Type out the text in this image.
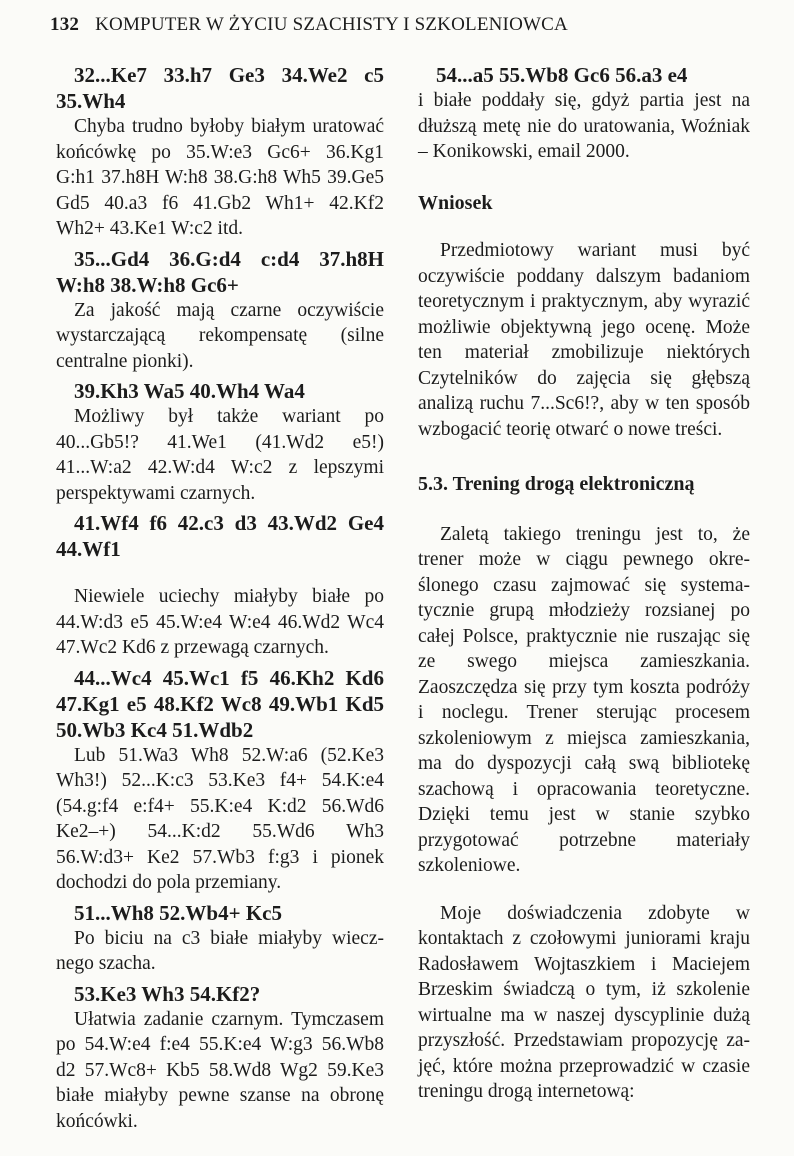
132 KOMPUTER W ŻYCIU SZACHISTY I SZKOLENIOWCA

32...Ke7 33.h7 Ge3 34.We2 c5 35.Wh4

Chyba trudno byłoby białym uratować końcówkę po 35.W:e3 Gc6+ 36.Kg1 G:h1 37.h8H W:h8 38.G:h8 Wh5 39.Ge5 Gd5 40.a3 f6 41.Gb2 Wh1+ 42.Kf2 Wh2+ 43.Ke1 W:c2 itd.

35...Gd4 36.G:d4 c:d4 37.h8H W:h8 38.W:h8 Gc6+

Za jakość mają czarne oczywiście wystarczającą rekompensatę (silne centralne pionki).

39.Kh3 Wa5 40.Wh4 Wa4

Możliwy był także wariant po 40...Gb5!? 41.We1 (41.Wd2 e5!) 41...W:a2 42.W:d4 W:c2 z lepszymi perspektywami czarnych.

41.Wf4 f6 42.c3 d3 43.Wd2 Ge4 44.Wf1

Niewiele uciechy miałyby białe po 44.W:d3 e5 45.W:e4 W:e4 46.Wd2 Wc4 47.Wc2 Kd6 z przewagą czarnych.

44...Wc4 45.Wc1 f5 46.Kh2 Kd6 47.Kg1 e5 48.Kf2 Wc8 49.Wb1 Kd5 50.Wb3 Kc4 51.Wdb2

Lub 51.Wa3 Wh8 52.W:a6 (52.Ke3 Wh3!) 52...K:c3 53.Ke3 f4+ 54.K:e4 (54.g:f4 e:f4+ 55.K:e4 K:d2 56.Wd6 Ke2–+) 54...K:d2 55.Wd6 Wh3 56.W:d3+ Ke2 57.Wb3 f:g3 i pionek dochodzi do pola przemiany.

51...Wh8 52.Wb4+ Kc5

Po biciu na c3 białe miałyby wiecznego szacha.

53.Ke3 Wh3 54.Kf2?

Ułatwia zadanie czarnym. Tymczasem po 54.W:e4 f:e4 55.K:e4 W:g3 56.Wb8 d2 57.Wc8+ Kb5 58.Wd8 Wg2 59.Ke3 białe miałyby pewne szanse na obronę końcówki.

54...a5 55.Wb8 Gc6 56.a3 e4

i białe poddały się, gdyż partia jest na dłuższą metę nie do uratowania, Woźniak – Konikowski, email 2000.

Wniosek

Przedmiotowy wariant musi być oczywiście poddany dalszym badaniom teoretycznym i praktycznym, aby wyrazić możliwie objektywną jego ocenę. Może ten materiał zmobilizuje niektórych Czytelników do zajęcia się głębszą analizą ruchu 7...Sc6!?, aby w ten sposób wzbogacić teorię otwarć o nowe treści.

5.3. Trening drogą elektroniczną

Zaletą takiego treningu jest to, że trener może w ciągu pewnego określonego czasu zajmować się systematycznie grupą młodzieży rozsianej po całej Polsce, praktycznie nie ruszając się ze swego miejsca zamieszkania. Zaoszczędza się przy tym koszta podróży i noclegu. Trener sterując procesem szkoleniowym z miejsca zamieszkania, ma do dyspozycji całą swą bibliotekę szachową i opracowania teoretyczne. Dzięki temu jest w stanie szybko przygotować potrzebne materiały szkoleniowe.

Moje doświadczenia zdobyte w kontaktach z czołowymi juniorami kraju Radosławem Wojtaszkiem i Maciejem Brzeskim świadczą o tym, iż szkolenie wirtualne ma w naszej dyscyplinie dużą przyszłość. Przedstawiam propozycję zajęć, które można przeprowadzić w czasie treningu drogą internetową:
